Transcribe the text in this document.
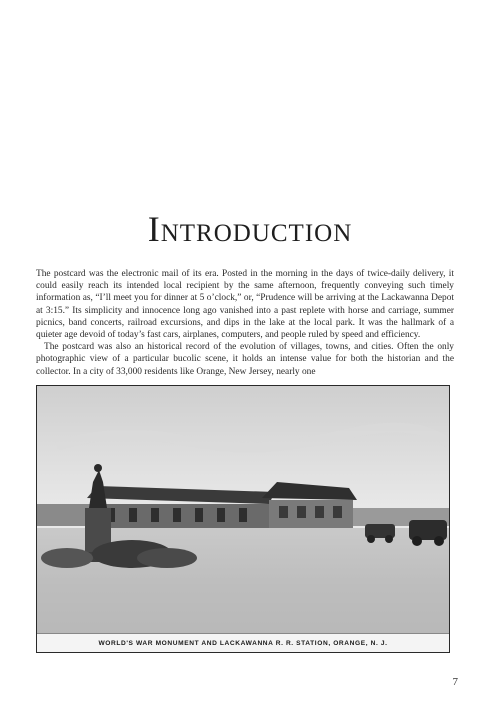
Introduction

The postcard was the electronic mail of its era. Posted in the morning in the days of twice-daily delivery, it could easily reach its intended local recipient by the same afternoon, frequently conveying such timely information as, “I’ll meet you for dinner at 5 o’clock,” or, “Prudence will be arriving at the Lackawanna Depot at 3:15.” Its simplicity and innocence long ago vanished into a past replete with horse and carriage, summer picnics, band concerts, railroad excursions, and dips in the lake at the local park. It was the hallmark of a quieter age devoid of today’s fast cars, airplanes, computers, and people ruled by speed and efficiency.

The postcard was also an historical record of the evolution of villages, towns, and cities. Often the only photographic view of a particular bucolic scene, it holds an intense value for both the historian and the collector. In a city of 33,000 residents like Orange, New Jersey, nearly one

WORLD'S WAR MONUMENT AND LACKAWANNA R. R. STATION, ORANGE, N. J.
7
